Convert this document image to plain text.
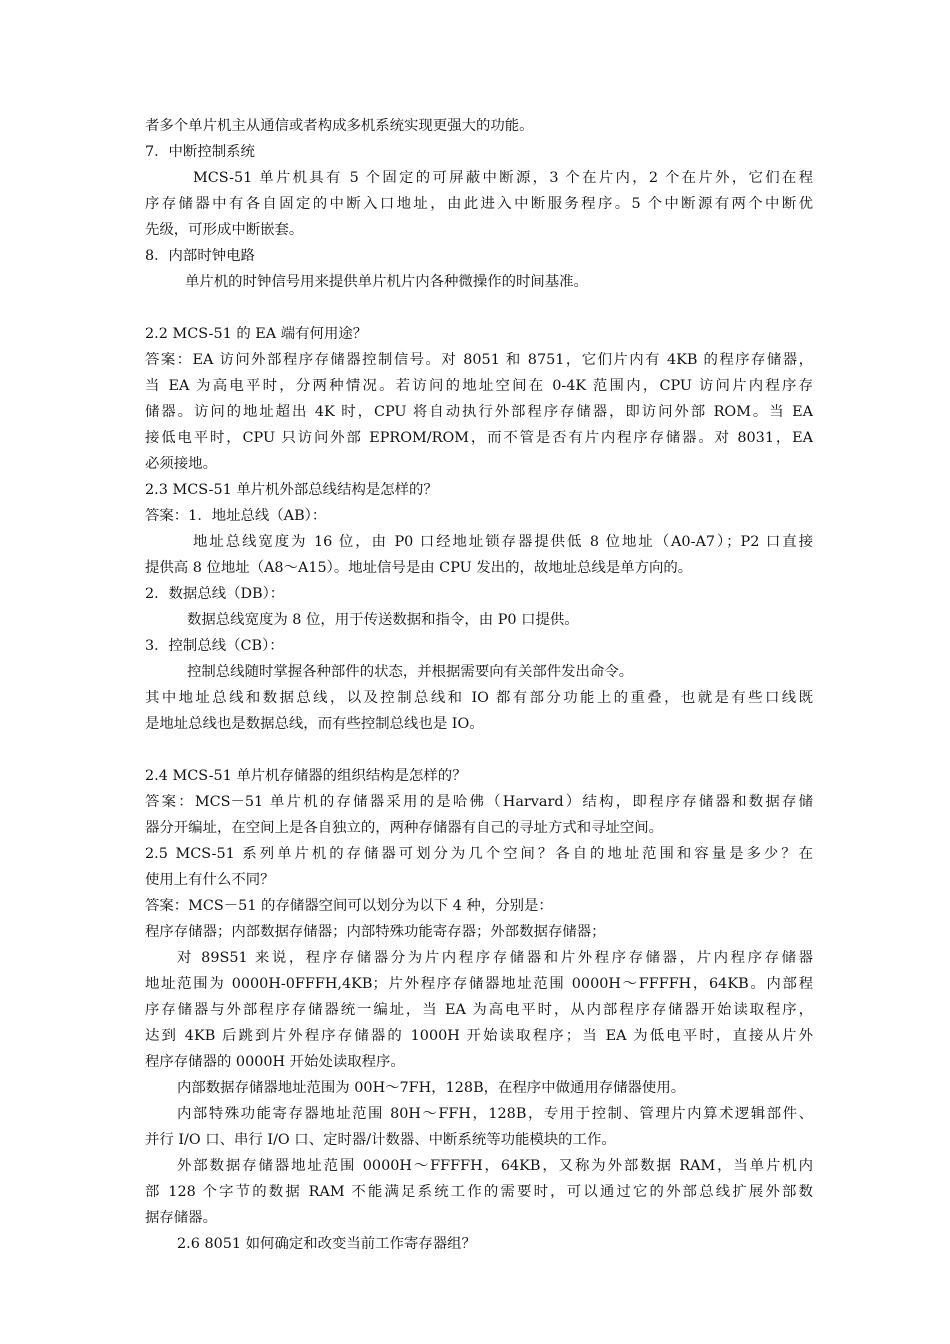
者多个单片机主从通信或者构成多机系统实现更强大的功能。
7．中断控制系统
MCS-51 单片机具有 5 个固定的可屏蔽中断源，3 个在片内，2 个在片外，它们在程
序存储器中有各自固定的中断入口地址，由此进入中断服务程序。5 个中断源有两个中断优
先级，可形成中断嵌套。
8．内部时钟电路
单片机的时钟信号用来提供单片机片内各种微操作的时间基准。
2.2 MCS-51 的 EA 端有何用途？
答案：EA 访问外部程序存储器控制信号。对 8051 和 8751，它们片内有 4KB 的程序存储器，
当 EA 为高电平时，分两种情况。若访问的地址空间在 0-4K 范围内，CPU 访问片内程序存
储器。访问的地址超出 4K 时，CPU 将自动执行外部程序存储器，即访问外部 ROM。当 EA
接低电平时，CPU 只访问外部 EPROM/ROM，而不管是否有片内程序存储器。对 8031，EA
必须接地。
2.3 MCS-51 单片机外部总线结构是怎样的？
答案：1．地址总线（AB）：
地址总线宽度为 16 位，由 P0 口经地址锁存器提供低 8 位地址（A0-A7）；P2 口直接
提供高 8 位地址（A8～A15）。地址信号是由 CPU 发出的，故地址总线是单方向的。
2．数据总线（DB）：
数据总线宽度为 8 位，用于传送数据和指令，由 P0 口提供。
3．控制总线（CB）：
控制总线随时掌握各种部件的状态，并根据需要向有关部件发出命令。
其中地址总线和数据总线，以及控制总线和 IO 都有部分功能上的重叠，也就是有些口线既
是地址总线也是数据总线，而有些控制总线也是 IO。
2.4 MCS-51 单片机存储器的组织结构是怎样的？
答案：MCS－51 单片机的存储器采用的是哈佛（Harvard）结构，即程序存储器和数据存储
器分开编址，在空间上是各自独立的，两种存储器有自己的寻址方式和寻址空间。
2.5 MCS-51 系列单片机的存储器可划分为几个空间？各自的地址范围和容量是多少？在
使用上有什么不同？
答案：MCS－51 的存储器空间可以划分为以下 4 种，分别是：
程序存储器；内部数据存储器；内部特殊功能寄存器；外部数据存储器；
对 89S51 来说，程序存储器分为片内程序存储器和片外程序存储器，片内程序存储器
地址范围为 0000H-0FFFH,4KB；片外程序存储器地址范围 0000H～FFFFH，64KB。内部程
序存储器与外部程序存储器统一编址，当 EA 为高电平时，从内部程序存储器开始读取程序，
达到 4KB 后跳到片外程序存储器的 1000H 开始读取程序；当 EA 为低电平时，直接从片外
程序存储器的 0000H 开始处读取程序。
内部数据存储器地址范围为 00H～7FH，128B，在程序中做通用存储器使用。
内部特殊功能寄存器地址范围 80H～FFH，128B，专用于控制、管理片内算术逻辑部件、
并行 I/O 口、串行 I/O 口、定时器/计数器、中断系统等功能模块的工作。
外部数据存储器地址范围 0000H～FFFFH，64KB，又称为外部数据 RAM，当单片机内
部 128 个字节的数据 RAM 不能满足系统工作的需要时，可以通过它的外部总线扩展外部数
据存储器。
2.6 8051 如何确定和改变当前工作寄存器组？
